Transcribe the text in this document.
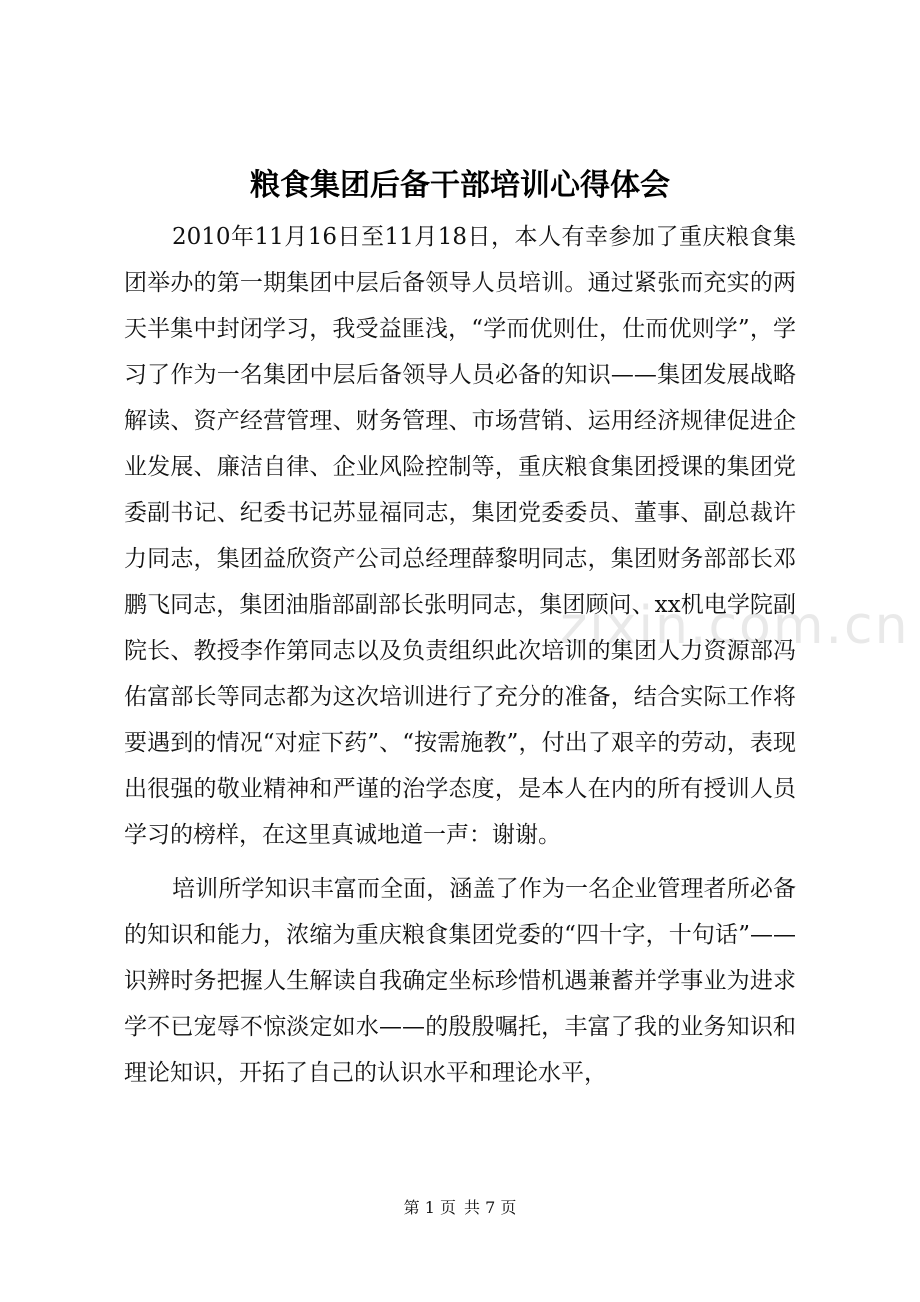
zixin.com.cn
粮食集团后备干部培训心得体会

2010年11月16日至11月18日，本人有幸参加了重庆粮食集团举办的第一期集团中层后备领导人员培训。通过紧张而充实的两天半集中封闭学习，我受益匪浅，“学而优则仕，仕而优则学”，学习了作为一名集团中层后备领导人员必备的知识——集团发展战略解读、资产经营管理、财务管理、市场营销、运用经济规律促进企业发展、廉洁自律、企业风险控制等，重庆粮食集团授课的集团党委副书记、纪委书记苏显福同志，集团党委委员、董事、副总裁许力同志，集团益欣资产公司总经理薛黎明同志，集团财务部部长邓鹏飞同志，集团油脂部副部长张明同志，集团顾问、xx机电学院副院长、教授李作第同志以及负责组织此次培训的集团人力资源部冯佑富部长等同志都为这次培训进行了充分的准备，结合实际工作将要遇到的情况“对症下药”、“按需施教”，付出了艰辛的劳动，表现出很强的敬业精神和严谨的治学态度，是本人在内的所有授训人员学习的榜样，在这里真诚地道一声：谢谢。

培训所学知识丰富而全面，涵盖了作为一名企业管理者所必备的知识和能力，浓缩为重庆粮食集团党委的“四十字，十句话”——识辨时务把握人生解读自我确定坐标珍惜机遇兼蓄并学事业为进求学不已宠辱不惊淡定如水——的殷殷嘱托，丰富了我的业务知识和理论知识，开拓了自己的认识水平和理论水平，

第 1 页 共 7 页
